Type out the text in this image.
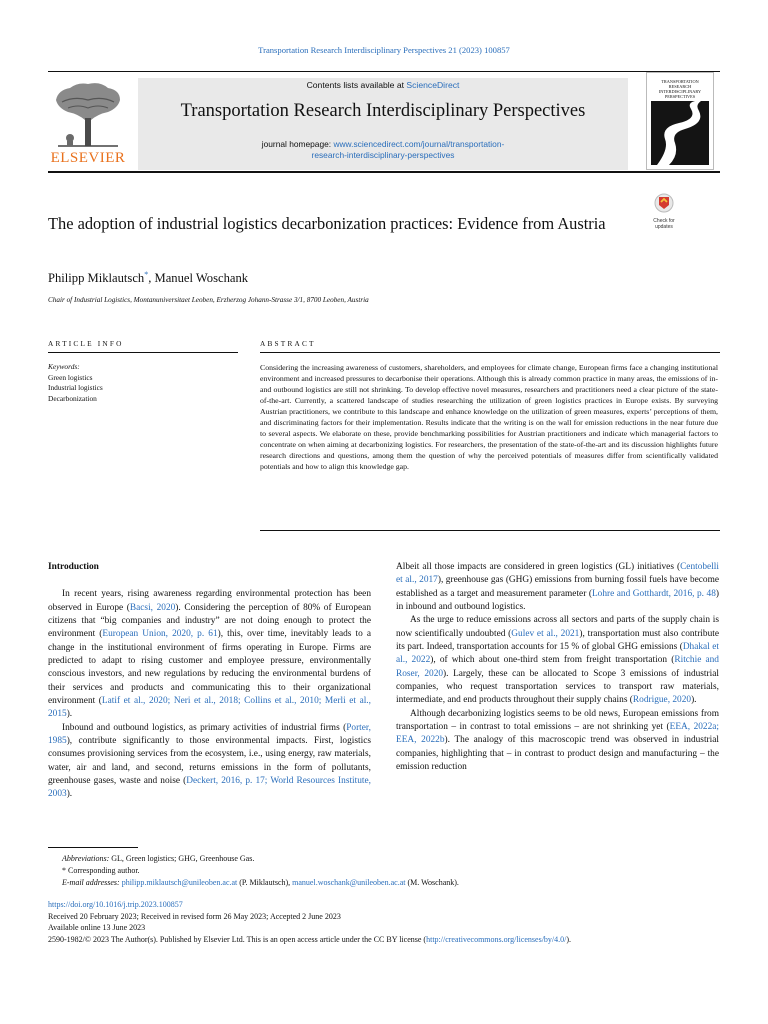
Transportation Research Interdisciplinary Perspectives 21 (2023) 100857
ELSEVIER
Contents lists available at ScienceDirect
Transportation Research Interdisciplinary Perspectives
journal homepage: www.sciencedirect.com/journal/transportation-
research-interdisciplinary-perspectives
TRANSPORTATION RESEARCH INTERDISCIPLINARY PERSPECTIVES
Check for
updates
The adoption of industrial logistics decarbonization practices: Evidence from Austria
Philipp Miklautsch*, Manuel Woschank
Chair of Industrial Logistics, Montanuniversitaet Leoben, Erzherzog Johann-Strasse 3/1, 8700 Leoben, Austria
ARTICLE INFO	ABSTRACT
Keywords:
Green logistics
Industrial logistics
Decarbonization
Considering the increasing awareness of customers, shareholders, and employees for climate change, European firms face a changing institutional environment and increased pressures to decarbonise their operations. Although this is already common practice in many areas, the emissions of in- and outbound logistics are still not shrinking. To develop effective novel measures, researchers and practitioners need a clear picture of the state-of-the-art. Currently, a scattered landscape of studies researching the utilization of green logistics practices in Europe exists. By surveying Austrian practitioners, we contribute to this landscape and enhance knowledge on the utilization of green measures, experts’ perceptions of them, and discriminating factors for their implementation. Results indicate that the writing is on the wall for emission reductions in the near future due to several aspects. We elaborate on these, provide benchmarking possibilities for Austrian practitioners and indicate which managerial factors to concentrate on when aiming at decarbonizing logistics. For researchers, the presentation of the state-of-the-art and its discussion highlights future research directions and questions, among them the question of why the perceived potentials of measures differ from scientifically validated potentials and how to align this knowledge gap.
Introduction

In recent years, rising awareness regarding environmental protection has been observed in Europe (Bacsi, 2020). Considering the perception of 80% of European citizens that “big companies and industry” are not doing enough to protect the environment (European Union, 2020, p. 61), this, over time, inevitably leads to a change in the institutional environment of firms operating in Europe. Firms are predicted to adapt to rising customer and employee pressure, environmentally conscious investors, and new regulations by reducing the environmental burdens of their services and products and communicating this to their organizational environment (Latif et al., 2020; Neri et al., 2018; Collins et al., 2010; Merli et al., 2015).

Inbound and outbound logistics, as primary activities of industrial firms (Porter, 1985), contribute significantly to those environmental impacts. First, logistics consumes provisioning services from the ecosystem, i.e., using energy, raw materials, water, air and land, and second, returns emissions in the form of pollutants, greenhouse gases, waste and noise (Deckert, 2016, p. 17; World Resources Institute, 2003).

Albeit all those impacts are considered in green logistics (GL) initiatives (Centobelli et al., 2017), greenhouse gas (GHG) emissions from burning fossil fuels have become established as a target and measurement parameter (Lohre and Gotthardt, 2016, p. 48) in inbound and outbound logistics.

As the urge to reduce emissions across all sectors and parts of the supply chain is now scientifically undoubted (Gulev et al., 2021), transportation must also contribute its part. Indeed, transportation accounts for 15 % of global GHG emissions (Dhakal et al., 2022), of which about one-third stem from freight transportation (Ritchie and Roser, 2020). Largely, these can be allocated to Scope 3 emissions of industrial companies, who request transportation services to transport raw materials, intermediate, and end products throughout their supply chains (Rodrigue, 2020).

Although decarbonizing logistics seems to be old news, European emissions from transportation – in contrast to total emissions – are not shrinking yet (EEA, 2022a; EEA, 2022b). The analogy of this macroscopic trend was observed in industrial companies, highlighting that – in contrast to product design and manufacturing – the emission reduction

Abbreviations: GL, Green logistics; GHG, Greenhouse Gas.
* Corresponding author.
E-mail addresses: philipp.miklautsch@unileoben.ac.at (P. Miklautsch), manuel.woschank@unileoben.ac.at (M. Woschank).
https://doi.org/10.1016/j.trip.2023.100857
Received 20 February 2023; Received in revised form 26 May 2023; Accepted 2 June 2023
Available online 13 June 2023
2590-1982/© 2023 The Author(s). Published by Elsevier Ltd. This is an open access article under the CC BY license (http://creativecommons.org/licenses/by/4.0/).
